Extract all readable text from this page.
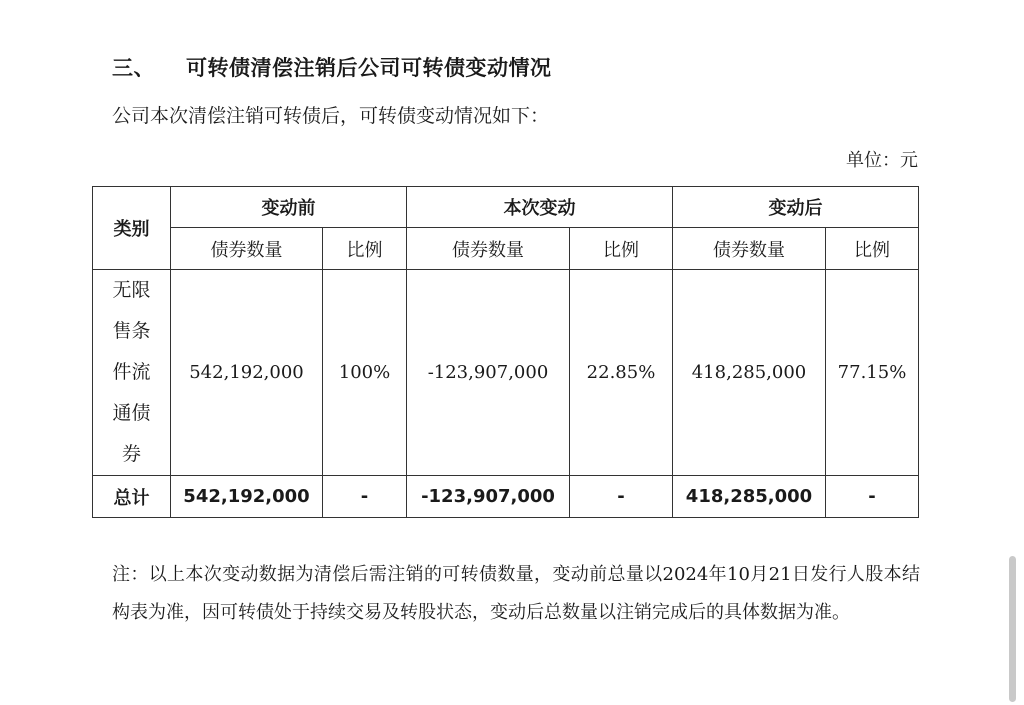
三、 可转债清偿注销后公司可转债变动情况
公司本次清偿注销可转债后，可转债变动情况如下：
单位：元
类别	变动前		本次变动		变动后	
	债券数量	比例	债券数量	比例	债券数量	比例

无限
售条
件流
通债
券	542,192,000	100%	-123,907,000	22.85%	418,285,000	77.15%
总计	542,192,000	-	-123,907,000	-	418,285,000	-
注：以上本次变动数据为清偿后需注销的可转债数量，变动前总量以2024年10月21日发行人股本结构表为准，因可转债处于持续交易及转股状态，变动后总数量以注销完成后的具体数据为准。
